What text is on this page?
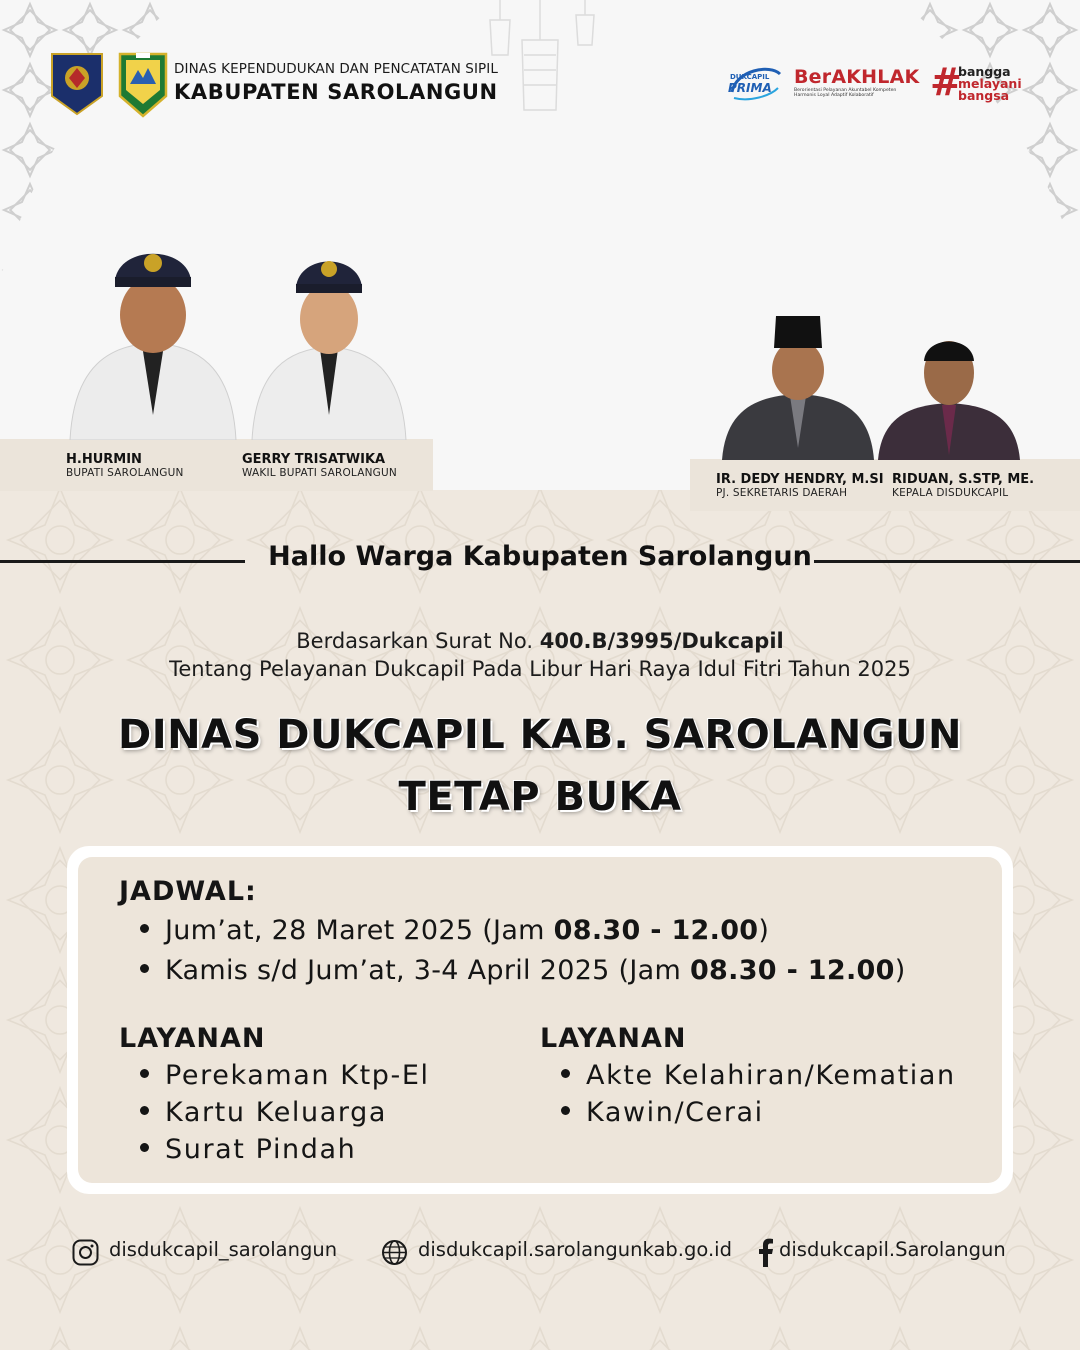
DINAS KEPENDUDUKAN DAN PENCATATAN SIPIL
KABUPATEN SAROLANGUN
DUKCAPIL
PRIMA BerAKHLAK
Berorientasi Pelayanan Akuntabel Kompeten
Harmonis Loyal Adaptif Kolaboratif	#
bangga
melayani
bangsa
H.HURMIN
BUPATI SAROLANGUN
GERRY TRISATWIKA
WAKIL BUPATI SAROLANGUN	IR. DEDY HENDRY, M.SI
PJ. SEKRETARIS DAERAH
RIDUAN, S.STP, ME.
KEPALA DISDUKCAPIL
Hallo Warga Kabupaten Sarolangun
Berdasarkan Surat No. 400.B/3995/Dukcapil
Tentang Pelayanan Dukcapil Pada Libur Hari Raya Idul Fitri Tahun 2025
DINAS DUKCAPIL KAB. SAROLANGUN
TETAP BUKA
JADWAL:
Jum’at, 28 Maret 2025 (Jam 08.30 - 12.00)
Kamis s/d Jum’at, 3-4 April 2025 (Jam 08.30 - 12.00)
LAYANAN
Perekaman Ktp-El
Kartu Keluarga
Surat Pindah
LAYANAN
Akte Kelahiran/Kematian
Kawin/Cerai
disdukcapil_sarolangun	disdukcapil.sarolangunkab.go.id disdukcapil.Sarolangun
